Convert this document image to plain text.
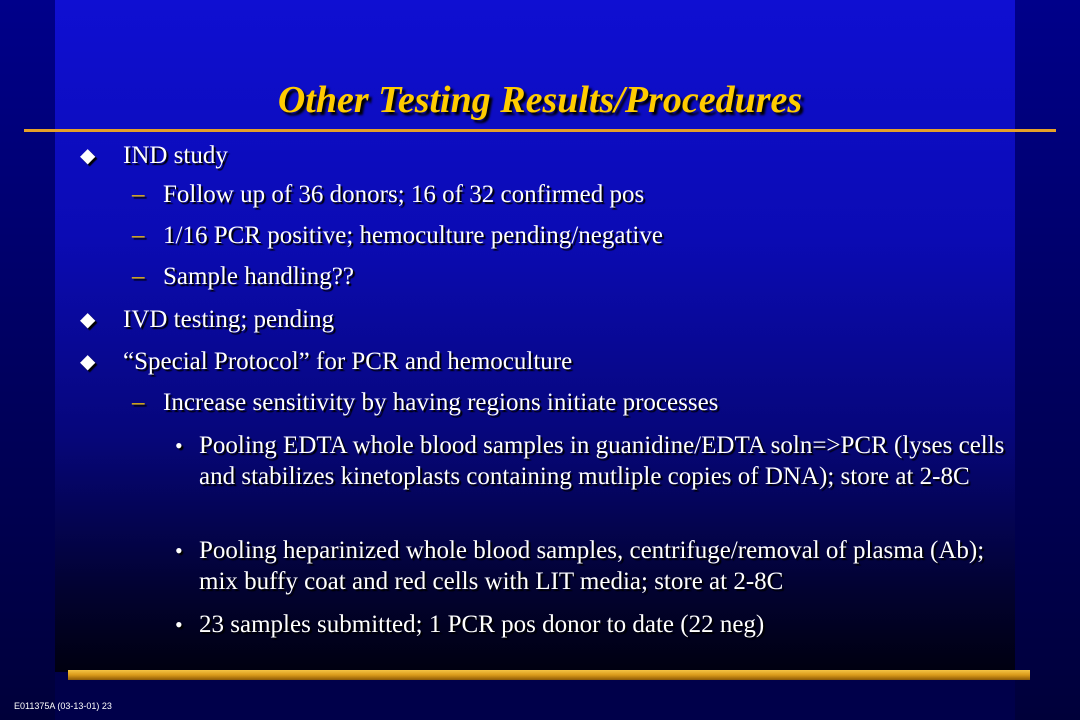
Other Testing Results/Procedures
◆ IND study
– Follow up of 36 donors; 16 of 32 confirmed pos
– 1/16 PCR positive; hemoculture pending/negative
– Sample handling??
◆ IVD testing; pending
◆ “Special Protocol” for PCR and hemoculture
– Increase sensitivity by having regions initiate processes
• Pooling EDTA whole blood samples in guanidine/EDTA soln=>PCR (lyses cells and stabilizes kinetoplasts containing mutliple copies of DNA); store at 2-8C
• Pooling heparinized whole blood samples, centrifuge/removal of plasma (Ab); mix buffy coat and red cells with LIT media; store at 2-8C
• 23 samples submitted; 1 PCR pos donor to date (22 neg)
E011375A (03-13-01) 23
